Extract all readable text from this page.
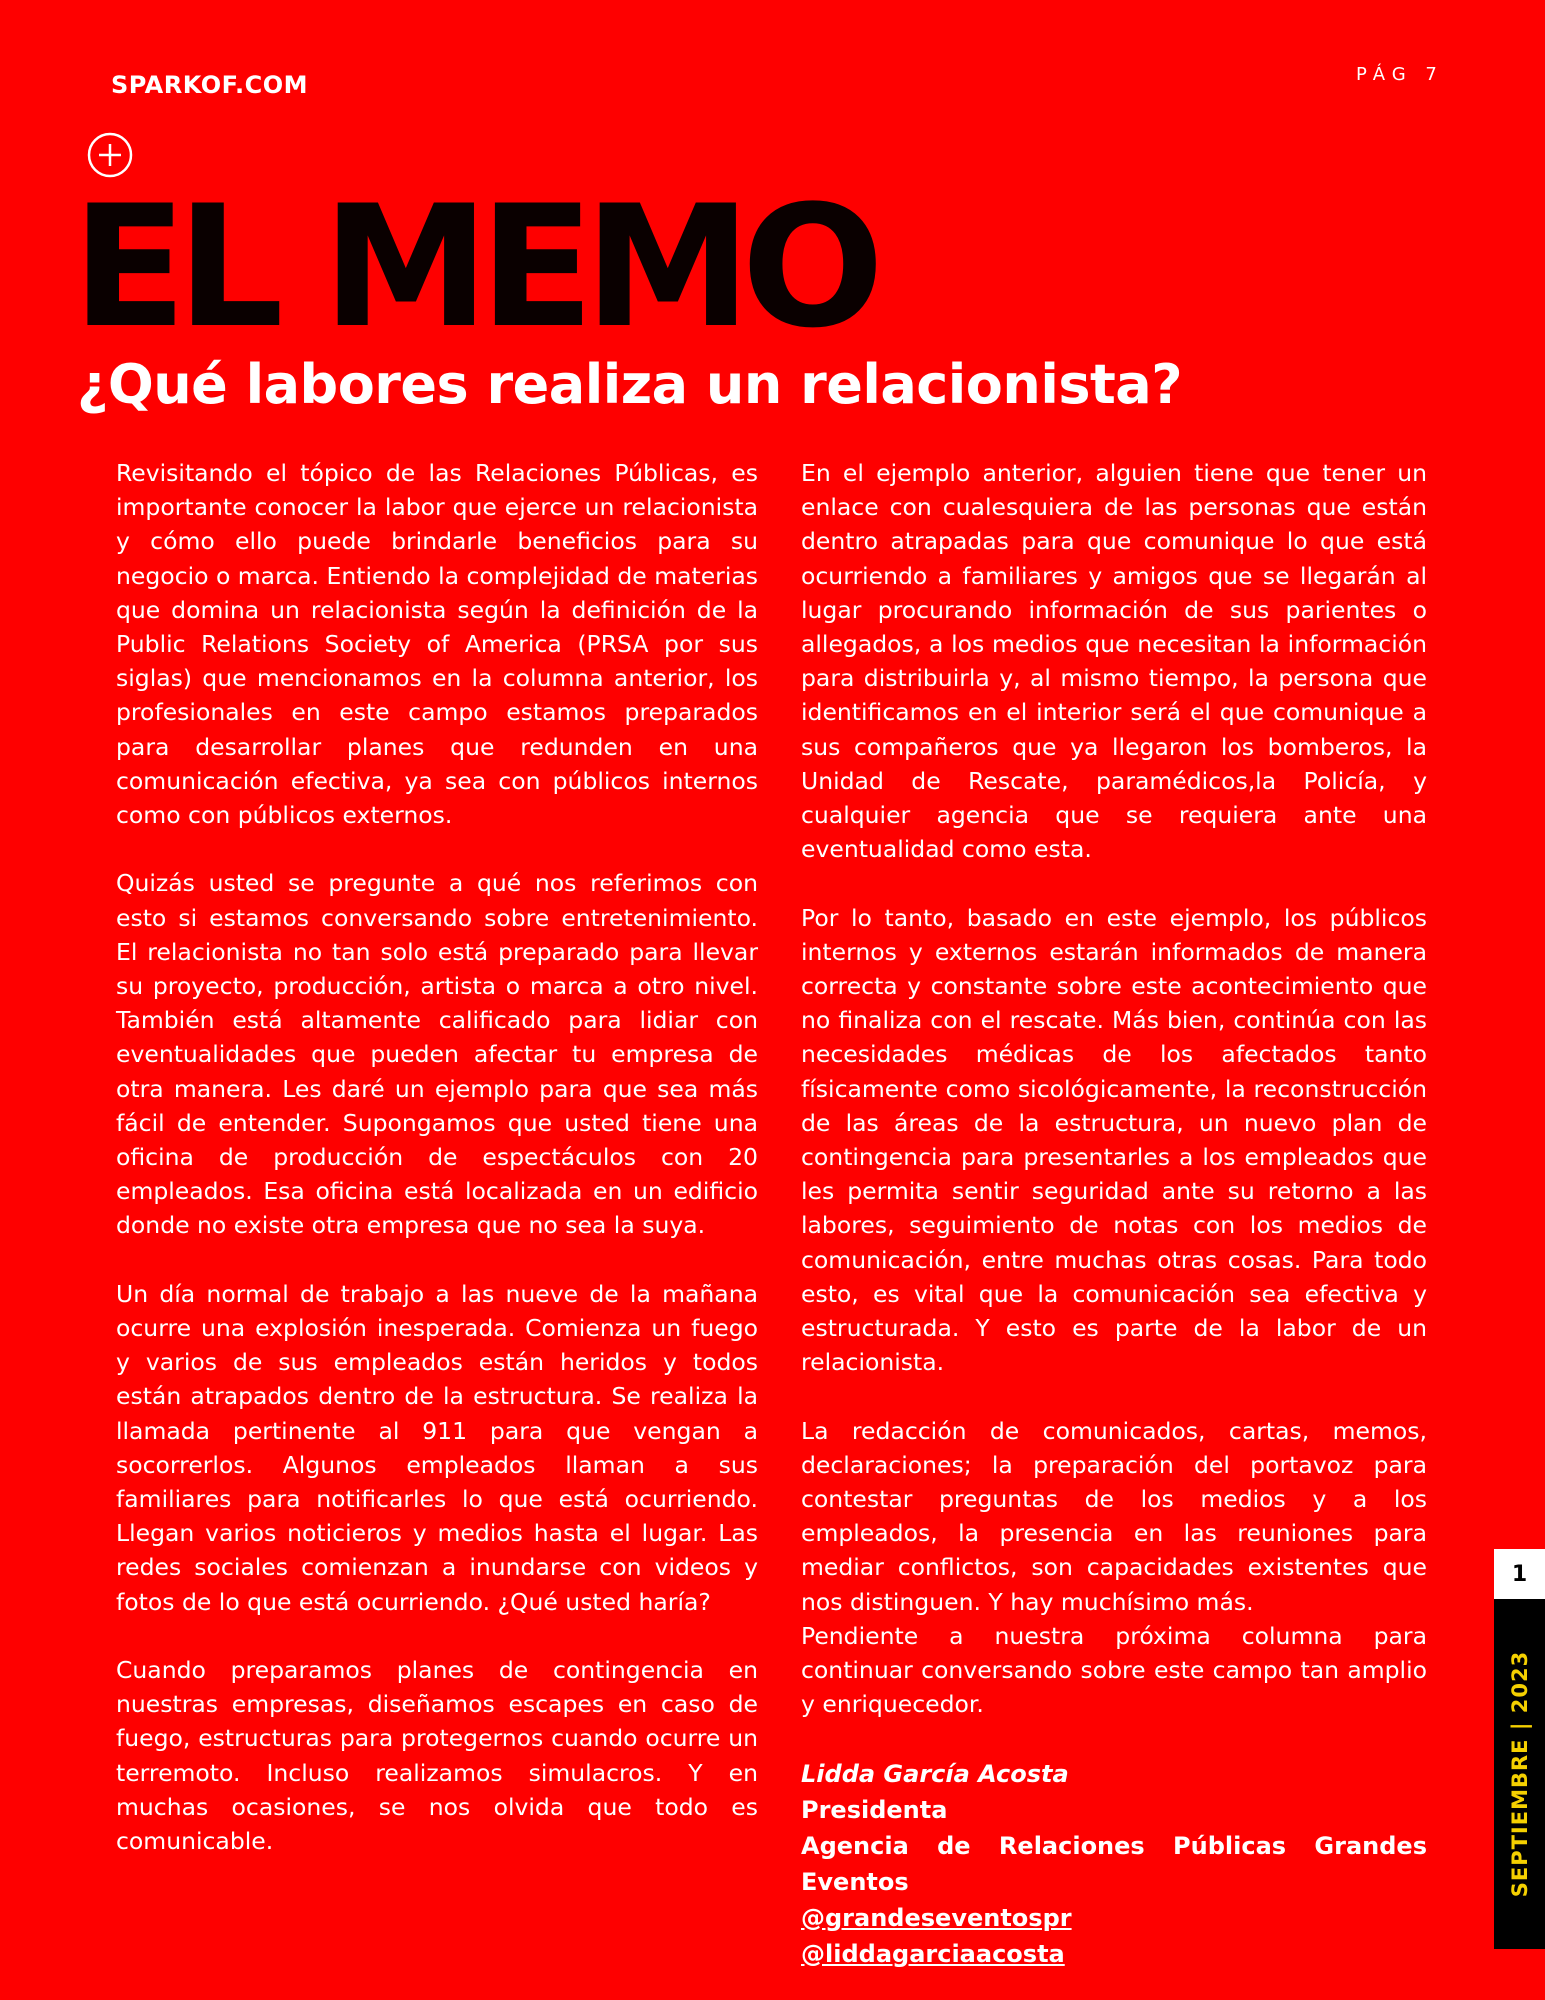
SPARKOF.COM	PÁG 7
EL MEMO
¿Qué labores realiza un relacionista?

Revisitando el tópico de las Relaciones Públicas, es importante conocer la labor que ejerce un relacionista y cómo ello puede brindarle beneficios para su negocio o marca. Entiendo la complejidad de materias que domina un relacionista según la definición de la Public Relations Society of America (PRSA por sus siglas) que mencionamos en la columna anterior, los profesionales en este campo estamos preparados para desarrollar planes que redunden en una comunicación efectiva, ya sea con públicos internos como con públicos externos.

Quizás usted se pregunte a qué nos referimos con esto si estamos conversando sobre entretenimiento. El relacionista no tan solo está preparado para llevar su proyecto, producción, artista o marca a otro nivel. También está altamente calificado para lidiar con eventualidades que pueden afectar tu empresa de otra manera. Les daré un ejemplo para que sea más fácil de entender. Supongamos que usted tiene una oficina de producción de espectáculos con 20 empleados. Esa oficina está localizada en un edificio donde no existe otra empresa que no sea la suya.

Un día normal de trabajo a las nueve de la mañana ocurre una explosión inesperada. Comienza un fuego y varios de sus empleados están heridos y todos están atrapados dentro de la estructura. Se realiza la llamada pertinente al 911 para que vengan a socorrerlos. Algunos empleados llaman a sus familiares para notificarles lo que está ocurriendo. Llegan varios noticieros y medios hasta el lugar. Las redes sociales comienzan a inundarse con videos y fotos de lo que está ocurriendo. ¿Qué usted haría?

Cuando preparamos planes de contingencia en nuestras empresas, diseñamos escapes en caso de fuego, estructuras para protegernos cuando ocurre un terremoto. Incluso realizamos simulacros. Y en muchas ocasiones, se nos olvida que todo es comunicable.

En el ejemplo anterior, alguien tiene que tener un enlace con cualesquiera de las personas que están dentro atrapadas para que comunique lo que está ocurriendo a familiares y amigos que se llegarán al lugar procurando información de sus parientes o allegados, a los medios que necesitan la información para distribuirla y, al mismo tiempo, la persona que identificamos en el interior será el que comunique a sus compañeros que ya llegaron los bomberos, la Unidad de Rescate, paramédicos,la Policía, y cualquier agencia que se requiera ante una eventualidad como esta.

Por lo tanto, basado en este ejemplo, los públicos internos y externos estarán informados de manera correcta y constante sobre este acontecimiento que no finaliza con el rescate. Más bien, continúa con las necesidades médicas de los afectados tanto físicamente como sicológicamente, la reconstrucción de las áreas de la estructura, un nuevo plan de contingencia para presentarles a los empleados que les permita sentir seguridad ante su retorno a las labores, seguimiento de notas con los medios de comunicación, entre muchas otras cosas. Para todo esto, es vital que la comunicación sea efectiva y estructurada. Y esto es parte de la labor de un relacionista.

La redacción de comunicados, cartas, memos, declaraciones; la preparación del portavoz para contestar preguntas de los medios y a los empleados, la presencia en las reuniones para mediar conflictos, son capacidades existentes que nos distinguen. Y hay muchísimo más.

Pendiente a nuestra próxima columna para continuar conversando sobre este campo tan amplio y enriquecedor.

Lidda García Acosta
Presidenta
Agencia de Relaciones Públicas Grandes
Eventos
@grandeseventospr
@liddagarciaacosta
1
SEPTIEMBRE | 2023
